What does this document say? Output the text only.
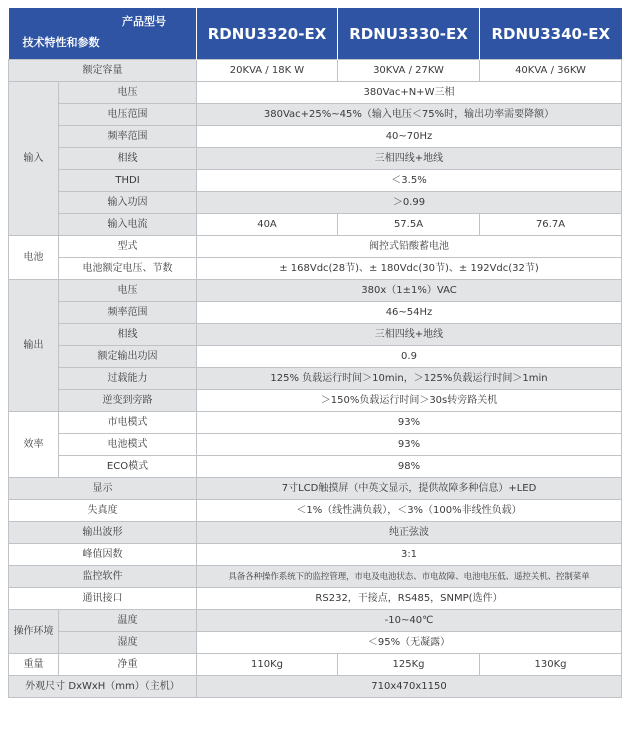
产品型号
技术特性和参数		RDNU3320-EX	RDNU3330-EX	RDNU3340-EX
额定容量		20KVA / 18K W	30KVA / 27KW	40KVA / 36KW
输入	电压	380Vac+N+W三相		
	电压范围	380Vac+25%~45%（输入电压＜75%时，输出功率需要降额）		
	频率范围	40~70Hz		
	相线	三相四线+地线		
	THDI	＜3.5%		
	输入功因	＞0.99		
	输入电流	40A	57.5A	76.7A
电池	型式	阀控式铅酸蓄电池		
	电池额定电压、节数	± 168Vdc(28节)、± 180Vdc(30节)、± 192Vdc(32节)		
输出	电压	380x（1±1%）VAC		
	频率范围	46~54Hz		
	相线	三相四线+地线		
	额定输出功因	0.9		
	过载能力	125% 负载运行时间＞10min，＞125%负载运行时间＞1min		
	逆变到旁路	＞150%负载运行时间＞30s转旁路关机		
效率	市电模式	93%		
	电池模式	93%		
	ECO模式	98%		
显示		7寸LCD触摸屏（中英文显示，提供故障多种信息）+LED		
失真度		＜1%（线性满负载），＜3%（100%非线性负载）		
输出波形		纯正弦波		
峰值因数		3:1		
监控软件		具备各种操作系统下的监控管理，市电及电池状态、市电故障、电池电压低、遥控关机、控制菜单		
通讯接口		RS232，干接点，RS485，SNMP(选件）		
操作环境	温度	-10~40℃		
	湿度	＜95%（无凝露）		
重量	净重	110Kg	125Kg	130Kg
外观尺寸 DxWxH（mm）（主机）		710x470x1150		
